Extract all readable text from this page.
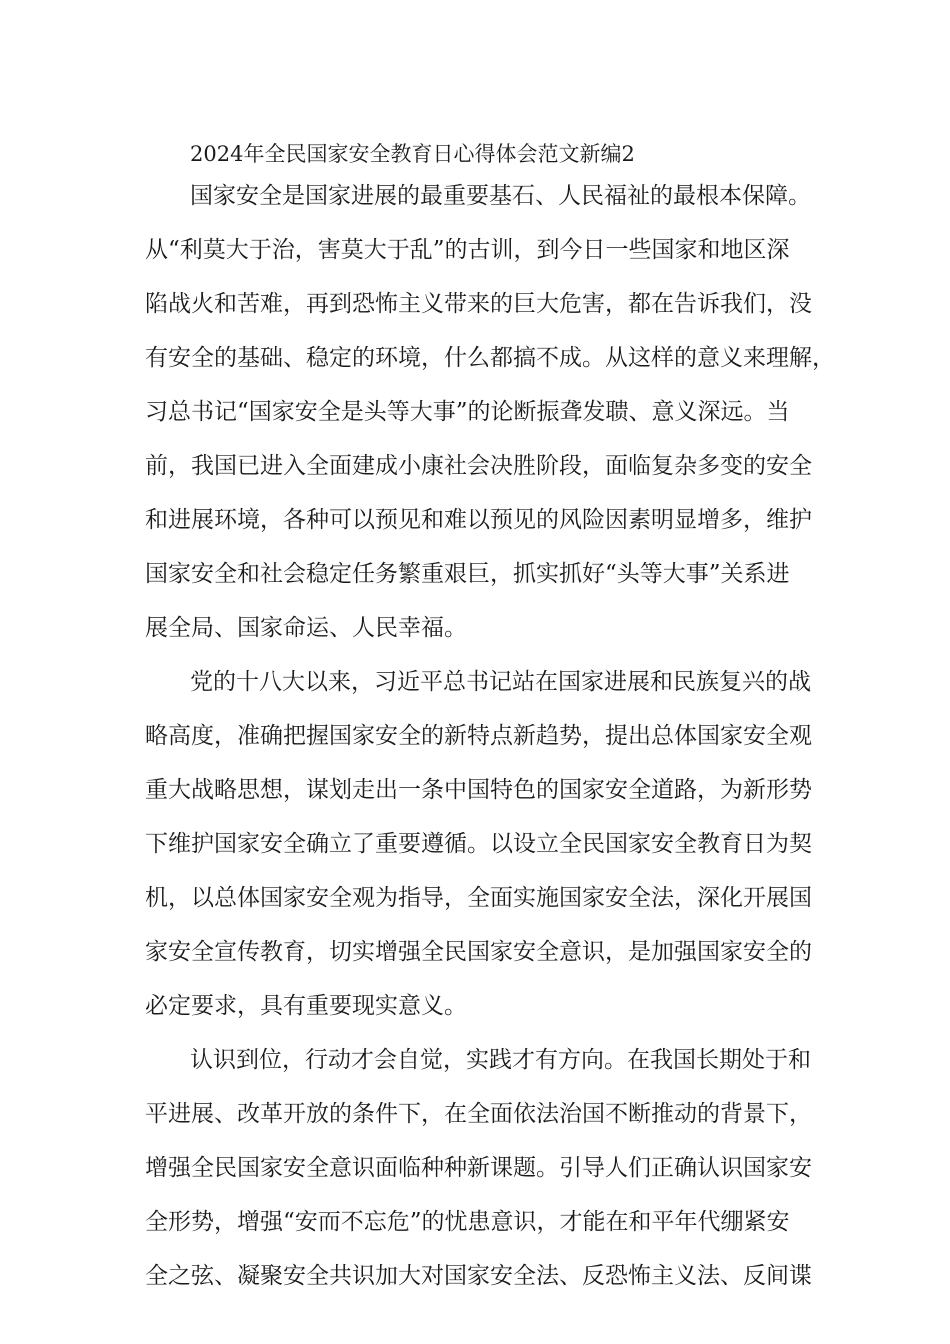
2024年全民国家安全教育日心得体会范文新编2
国家安全是国家进展的最重要基石、人民福祉的最根本保障。
从“利莫大于治，害莫大于乱”的古训，到今日一些国家和地区深
陷战火和苦难，再到恐怖主义带来的巨大危害，都在告诉我们，没
有安全的基础、稳定的环境，什么都搞不成。从这样的意义来理解，
习总书记“国家安全是头等大事”的论断振聋发聩、意义深远。当
前，我国已进入全面建成小康社会决胜阶段，面临复杂多变的安全
和进展环境，各种可以预见和难以预见的风险因素明显增多，维护
国家安全和社会稳定任务繁重艰巨，抓实抓好“头等大事”关系进
展全局、国家命运、人民幸福。
党的十八大以来，习近平总书记站在国家进展和民族复兴的战
略高度，准确把握国家安全的新特点新趋势，提出总体国家安全观
重大战略思想，谋划走出一条中国特色的国家安全道路，为新形势
下维护国家安全确立了重要遵循。以设立全民国家安全教育日为契
机，以总体国家安全观为指导，全面实施国家安全法，深化开展国
家安全宣传教育，切实增强全民国家安全意识，是加强国家安全的
必定要求，具有重要现实意义。
认识到位，行动才会自觉，实践才有方向。在我国长期处于和
平进展、改革开放的条件下，在全面依法治国不断推动的背景下，
增强全民国家安全意识面临种种新课题。引导人们正确认识国家安
全形势，增强“安而不忘危”的忧患意识，才能在和平年代绷紧安
全之弦、凝聚安全共识加大对国家安全法、反恐怖主义法、反间谍
